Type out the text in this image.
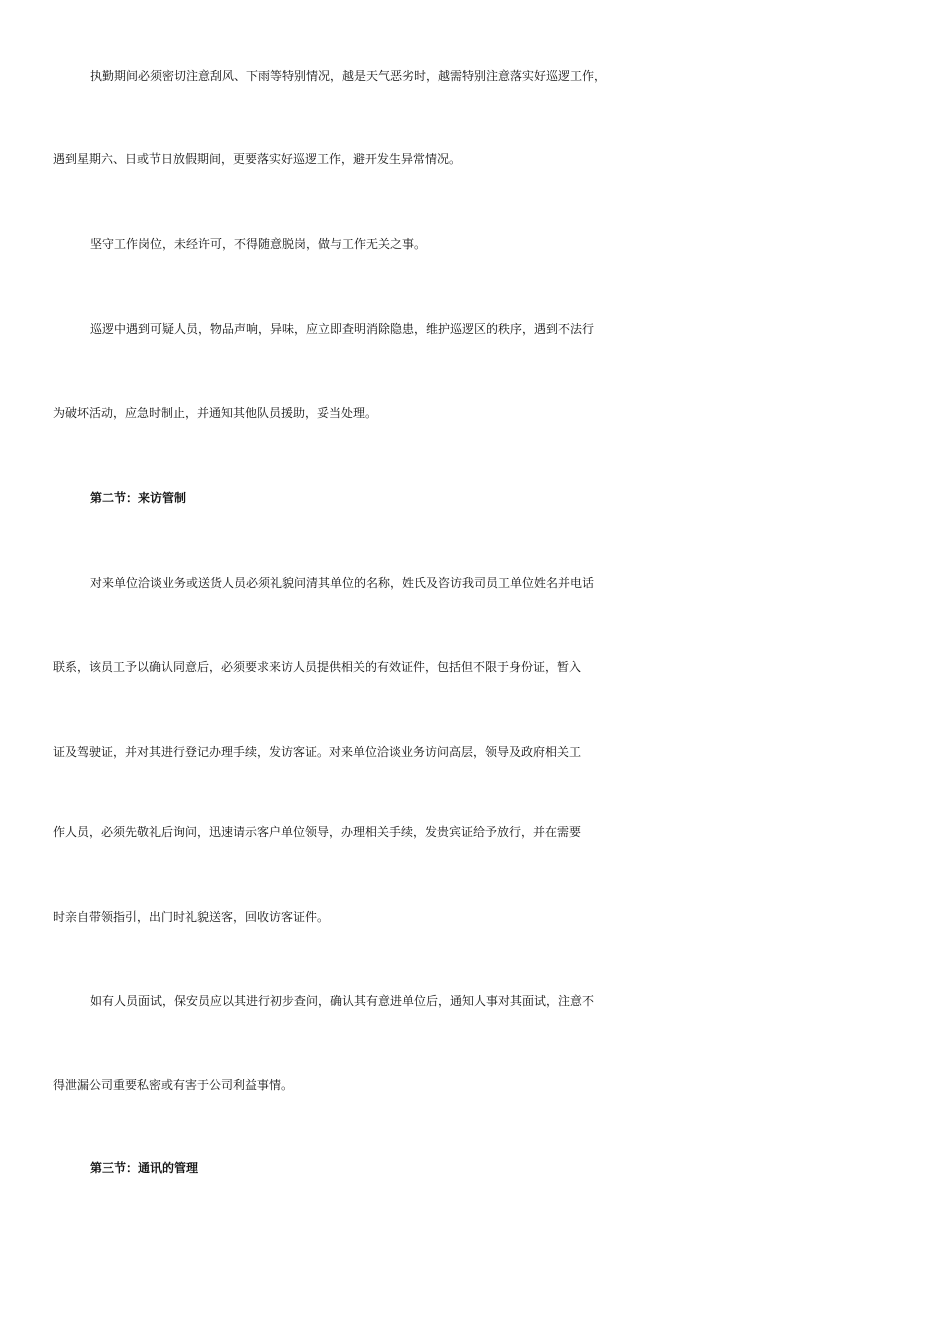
执勤期间必须密切注意刮风、下雨等特别情况，越是天气恶劣时，越需特别注意落实好巡逻工作，
遇到星期六、日或节日放假期间，更要落实好巡逻工作，避开发生异常情况。
坚守工作岗位，未经许可，不得随意脱岗，做与工作无关之事。
巡逻中遇到可疑人员，物品声响，异味，应立即查明消除隐患，维护巡逻区的秩序，遇到不法行
为破坏活动，应急时制止，并通知其他队员援助，妥当处理。
第二节：来访管制
对来单位洽谈业务或送货人员必须礼貌问清其单位的名称，姓氏及咨访我司员工单位姓名并电话
联系，该员工予以确认同意后，必须要求来访人员提供相关的有效证件，包括但不限于身份证，暂入
证及驾驶证，并对其进行登记办理手续，发访客证。对来单位洽谈业务访问高层，领导及政府相关工
作人员，必须先敬礼后询问，迅速请示客户单位领导，办理相关手续，发贵宾证给予放行，并在需要
时亲自带领指引，出门时礼貌送客，回收访客证件。
如有人员面试，保安员应以其进行初步查问，确认其有意进单位后，通知人事对其面试，注意不
得泄漏公司重要私密或有害于公司利益事情。
第三节：通讯的管理
